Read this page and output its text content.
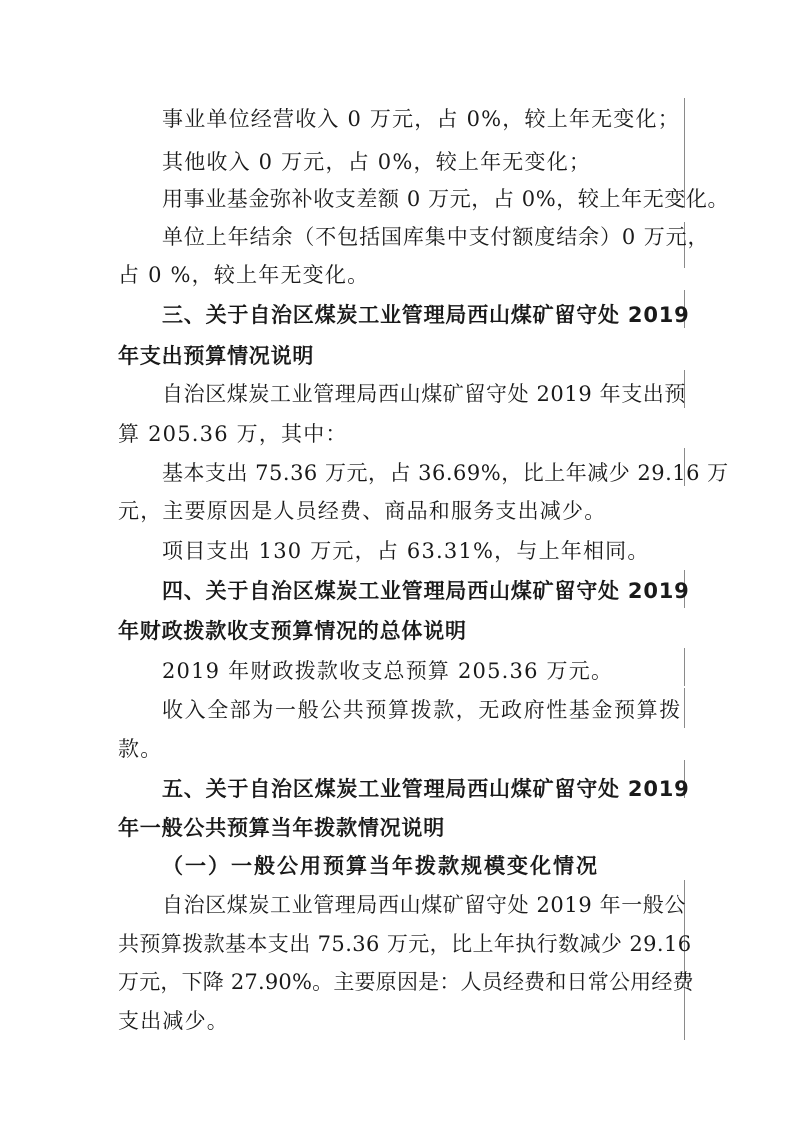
事业单位经营收入 0 万元，占 0%，较上年无变化；
其他收入 0 万元，占 0%，较上年无变化；
用事业基金弥补收支差额 0 万元，占 0%，较上年无变化。
单位上年结余（不包括国库集中支付额度结余）0 万元，
占 0 %，较上年无变化。
三、关于自治区煤炭工业管理局西山煤矿留守处 2019
年支出预算情况说明
自治区煤炭工业管理局西山煤矿留守处 2019 年支出预
算 205.36 万，其中：
基本支出 75.36 万元，占 36.69%，比上年减少 29.16 万
元，主要原因是人员经费、商品和服务支出减少。
项目支出 130 万元，占 63.31%，与上年相同。
四、关于自治区煤炭工业管理局西山煤矿留守处 2019
年财政拨款收支预算情况的总体说明
2019 年财政拨款收支总预算 205.36 万元。
收入全部为一般公共预算拨款，无政府性基金预算拨
款。
五、关于自治区煤炭工业管理局西山煤矿留守处 2019
年一般公共预算当年拨款情况说明
（一）一般公用预算当年拨款规模变化情况
自治区煤炭工业管理局西山煤矿留守处 2019 年一般公
共预算拨款基本支出 75.36 万元，比上年执行数减少 29.16
万元，下降 27.90%。主要原因是：人员经费和日常公用经费
支出减少。
